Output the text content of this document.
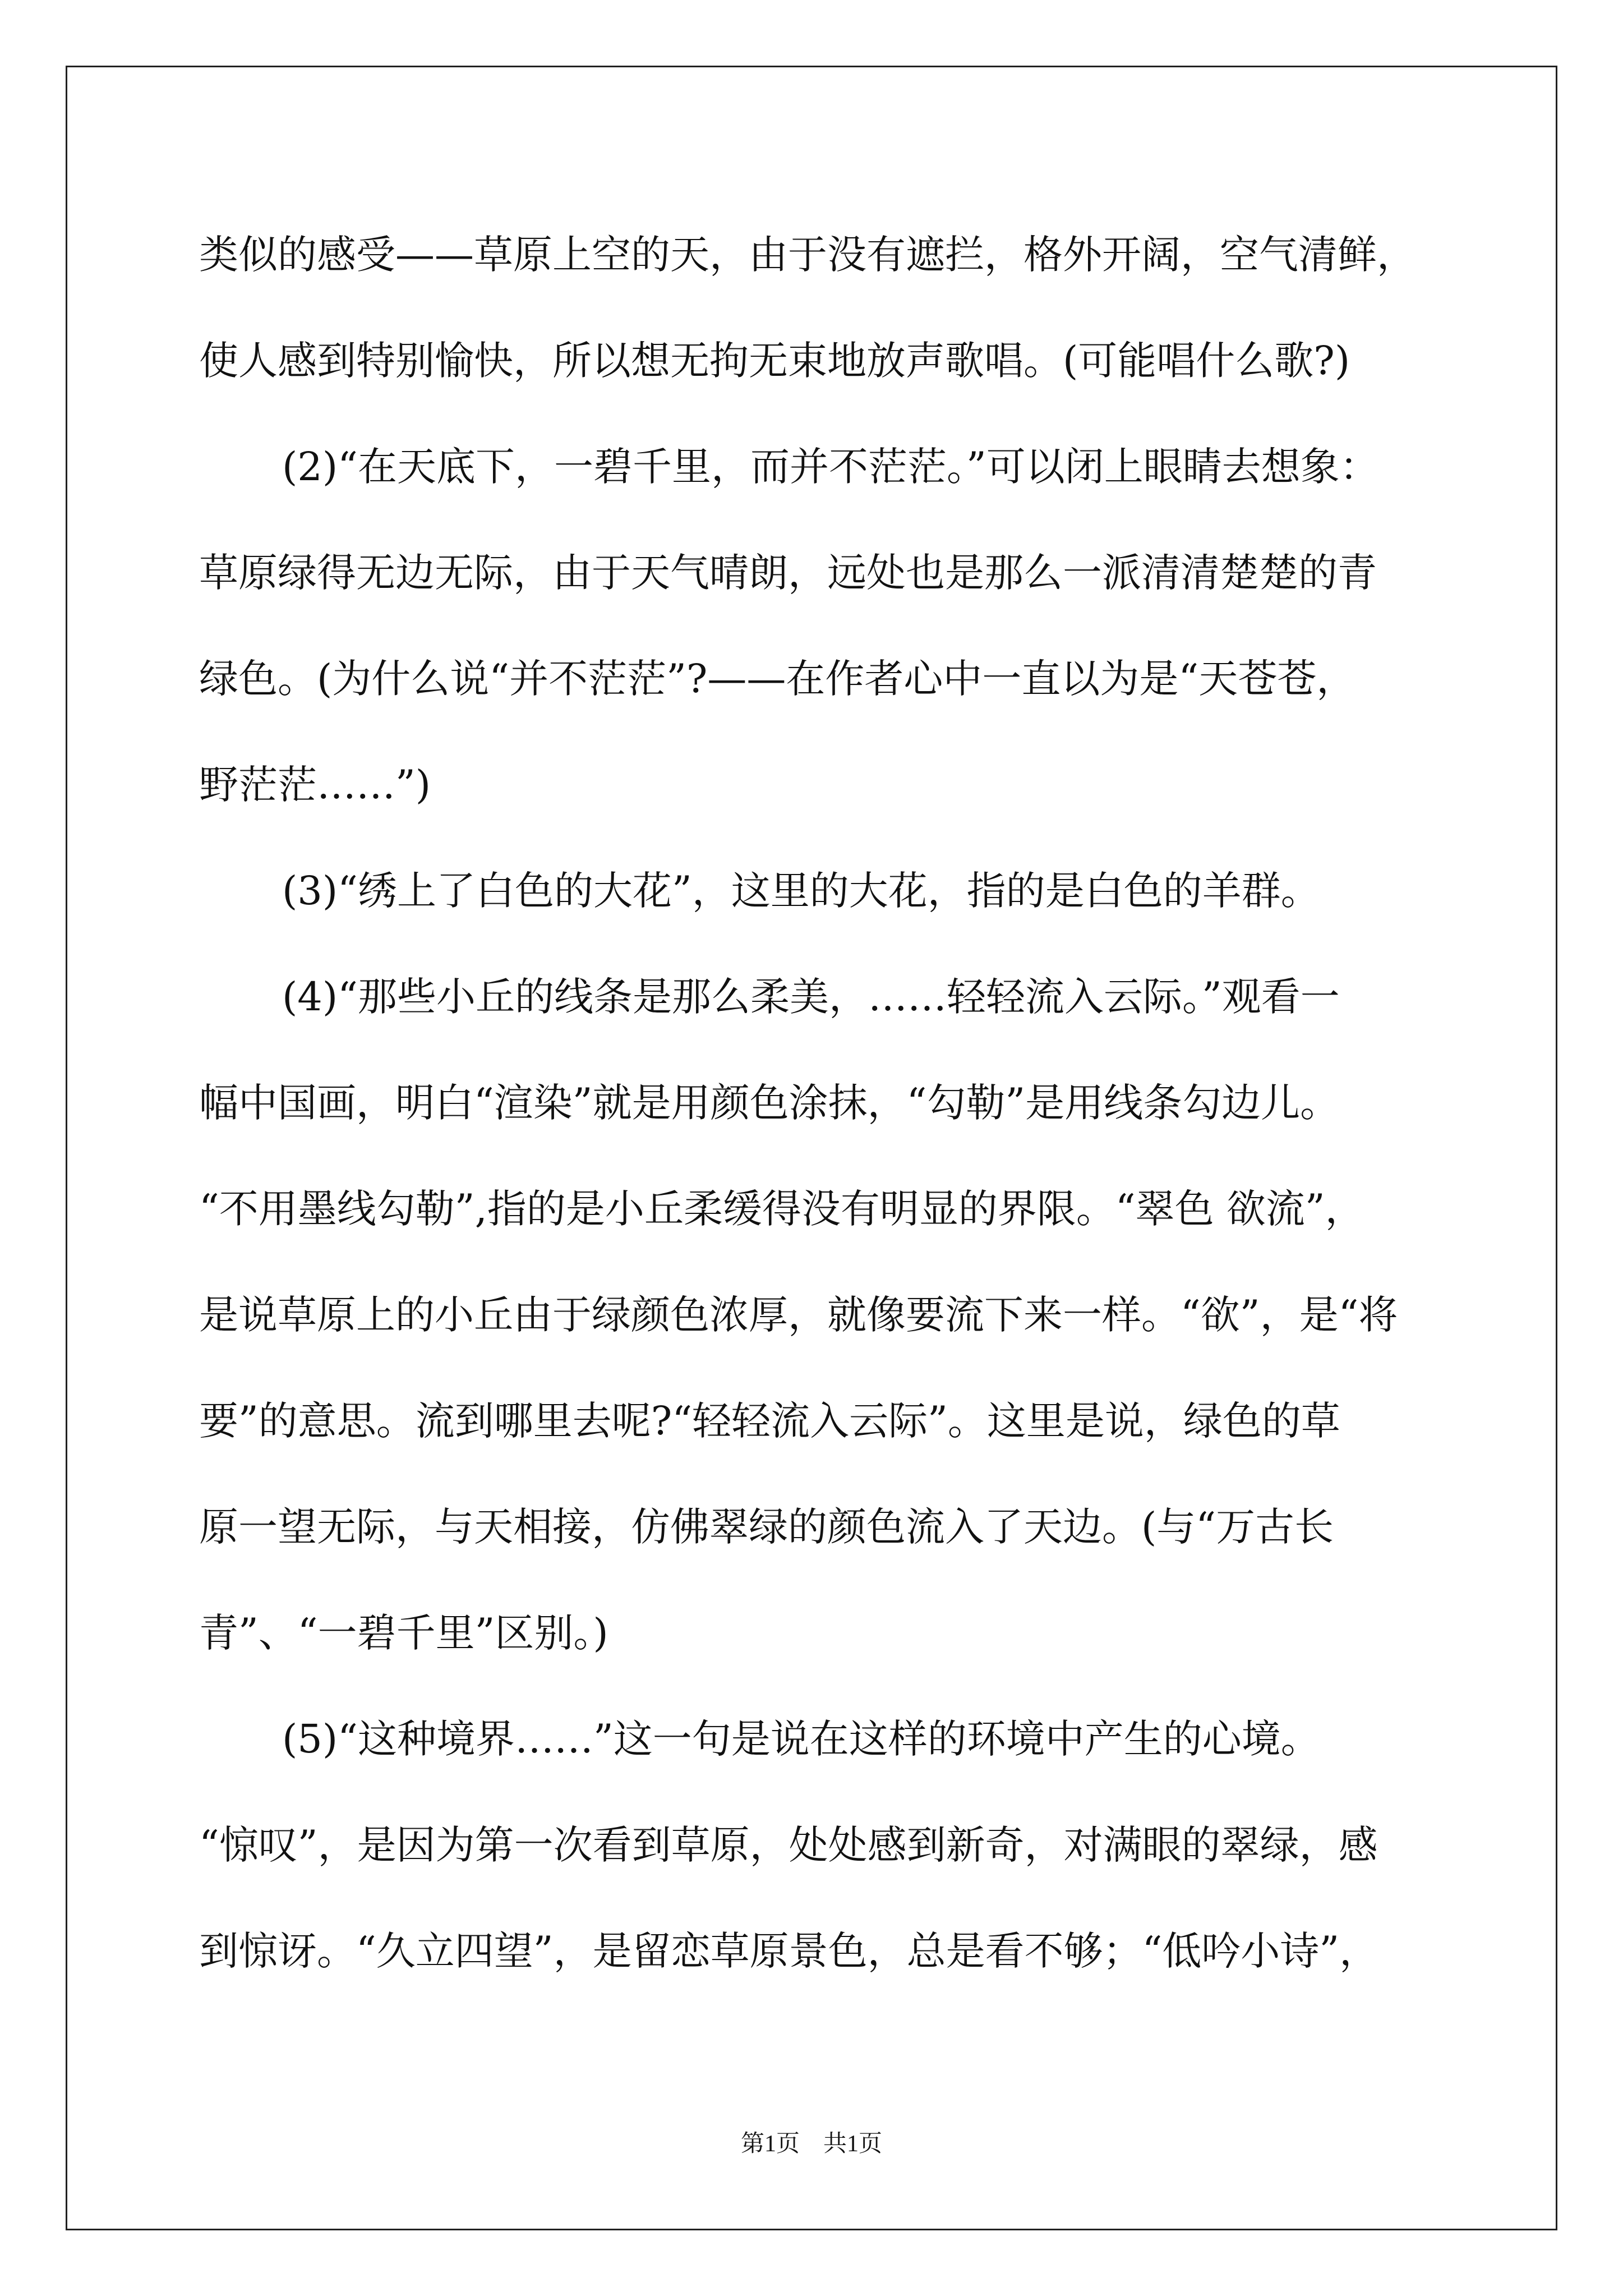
类似的感受——草原上空的天，由于没有遮拦，格外开阔，空气清鲜，
使人感到特别愉快，所以想无拘无束地放声歌唱。(可能唱什么歌?)
(2)“在天底下，一碧千里，而并不茫茫。”可以闭上眼睛去想象：
草原绿得无边无际，由于天气晴朗，远处也是那么一派清清楚楚的青
绿色。(为什么说“并不茫茫”?——在作者心中一直以为是“天苍苍，
野茫茫……”)
(3)“绣上了白色的大花”，这里的大花，指的是白色的羊群。
(4)“那些小丘的线条是那么柔美，……轻轻流入云际。”观看一
幅中国画，明白“渲染”就是用颜色涂抹，“勾勒”是用线条勾边儿。
“不用墨线勾勒”,指的是小丘柔缓得没有明显的界限。“翠色 欲流”，
是说草原上的小丘由于绿颜色浓厚，就像要流下来一样。“欲”，是“将
要”的意思。流到哪里去呢?“轻轻流入云际”。这里是说，绿色的草
原一望无际，与天相接，仿佛翠绿的颜色流入了天边。(与“万古长
青”、“一碧千里”区别。)
(5)“这种境界……”这一句是说在这样的环境中产生的心境。
“惊叹”，是因为第一次看到草原，处处感到新奇，对满眼的翠绿，感
到惊讶。“久立四望”，是留恋草原景色，总是看不够；“低吟小诗”，
第1页　共1页
